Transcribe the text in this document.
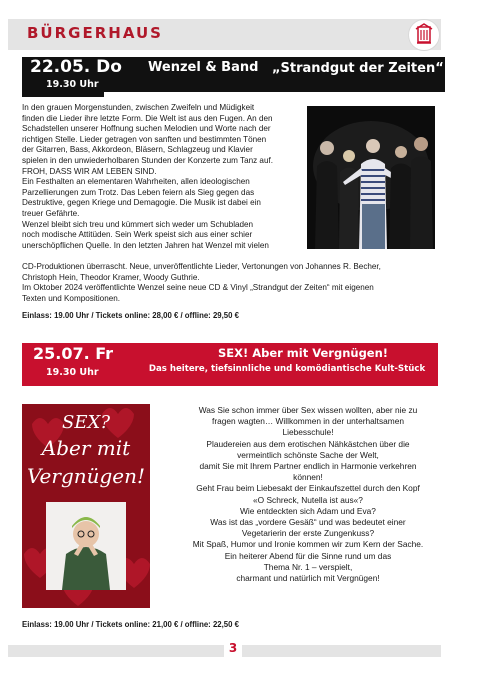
BÜRGERHAUS
22.05. Do
19.30 Uhr
Wenzel & Band „Strandgut der Zeiten“

In den grauen Morgenstunden, zwischen Zweifeln und Müdigkeit

finden die Lieder ihre letzte Form. Die Welt ist aus den Fugen. An den

Schadstellen unserer Hoffnung suchen Melodien und Worte nach der

richtigen Stelle. Lieder getragen von sanften und bestimmten Tönen

der Gitarren, Bass, Akkordeon, Bläsern, Schlagzeug und Klavier

spielen in den unwiederholbaren Stunden der Konzerte zum Tanz auf.

FROH, DASS WIR AM LEBEN SIND.

Ein Festhalten an elementaren Wahrheiten, allen ideologischen

Parzellierungen zum Trotz. Das Leben feiern als Sieg gegen das

Destruktive, gegen Kriege und Demagogie. Die Musik ist dabei ein

treuer Gefährte.

Wenzel bleibt sich treu und kümmert sich weder um Schubladen

noch modische Attitüden. Sein Werk speist sich aus einer schier

unerschöpflichen Quelle. In den letzten Jahren hat Wenzel mit vielen

CD-Produktionen überrascht. Neue, unveröffentlichte Lieder, Vertonungen von Johannes R. Becher,

Christoph Hein, Theodor Kramer, Woody Guthrie.

Im Oktober 2024 veröffentlichte Wenzel seine neue CD & Vinyl „Strandgut der Zeiten“ mit eigenen

Texten und Kompositionen.

Einlass: 19.00 Uhr / Tickets online: 28,00 € / offline: 29,50 €
25.07. Fr
19.30 Uhr
SEX! Aber mit Vergnügen!
Das heitere, tiefsinnliche und komödiantische Kult-Stück
SEX?
Aber mit
Vergnügen!

Was Sie schon immer über Sex wissen wollten, aber nie zu

fragen wagten… Willkommen in der unterhaltsamen

Liebesschule!

Plaudereien aus dem erotischen Nähkästchen über die

vermeintlich schönste Sache der Welt,

damit Sie mit Ihrem Partner endlich in Harmonie verkehren

können!

Geht Frau beim Liebesakt der Einkaufszettel durch den Kopf

«O Schreck, Nutella ist aus«?

Wie entdeckten sich Adam und Eva?

Was ist das „vordere Gesäß“ und was bedeutet einer

Vegetarierin der erste Zungenkuss?

Mit Spaß, Humor und Ironie kommen wir zum Kern der Sache.

Ein heiterer Abend für die Sinne rund um das

Thema Nr. 1 – verspielt,

charmant und natürlich mit Vergnügen!

Einlass: 19.00 Uhr / Tickets online: 21,00 € / offline: 22,50 €
3
